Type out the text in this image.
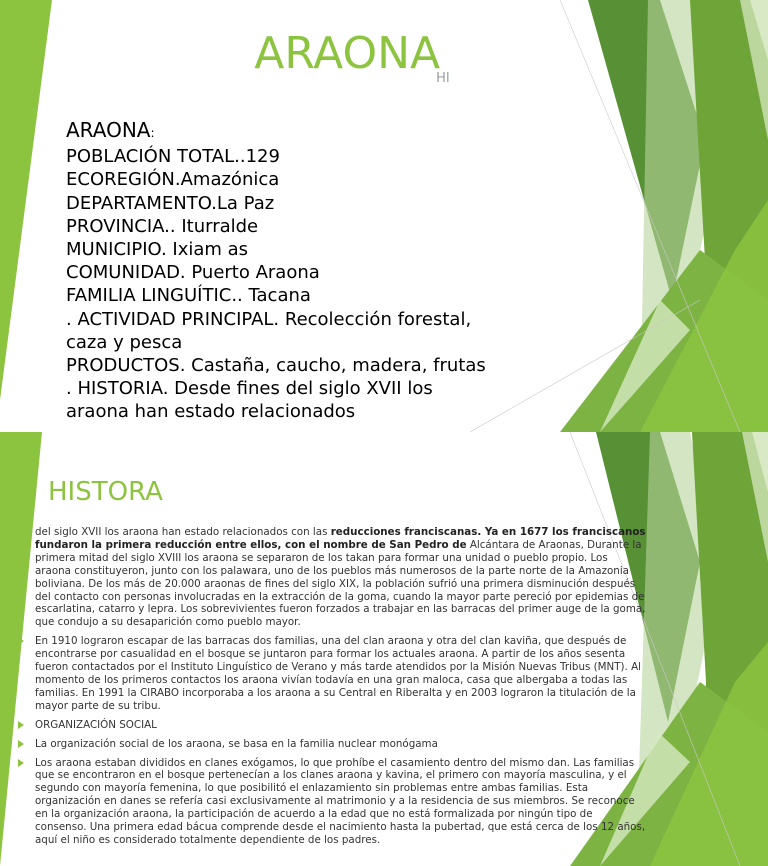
$ARAONA_{HI}$
ARAONA:
POBLACIÓN TOTAL..129
ECOREGIÓN.Amazónica
DEPARTAMENTO.La Paz
PROVINCIA.. Iturralde
MUNICIPIO. Ixiam as
COMUNIDAD. Puerto Araona
FAMILIA LINGUÍTIC.. Tacana
. ACTIVIDAD PRINCIPAL. Recolección forestal,
caza y pesca
PRODUCTOS. Castaña, caucho, madera, frutas
. HISTORIA. Desde fines del siglo XVII los
araona han estado relacionados
HISTORA
del siglo XVII los araona han estado relacionados con las reducciones franciscanas. Ya en 1677 los franciscanos fundaron la primera reducción entre ellos, con el nombre de San Pedro de Alcántara de Araonas, Durante la primera mitad del siglo XVIII los araona se separaron de los takan para formar una unidad o pueblo propio. Los araona constituyeron, junto con los palawara, uno de los pueblos más numerosos de la parte norte de la Amazonia boliviana. De los más de 20.000 araonas de fines del siglo XIX, la población sufrió una primera disminución después del contacto con personas involucradas en la extracción de la goma, cuando la mayor parte pereció por epidemias de escarlatina, catarro y lepra. Los sobrevivientes fueron forzados a trabajar en las barracas del primer auge de la goma, que condujo a su desaparición como pueblo mayor.
En 1910 lograron escapar de las barracas dos familias, una del clan araona y otra del clan kaviña, que después de encontrarse por casualidad en el bosque se juntaron para formar los actuales araona. A partir de los años sesenta fueron contactados por el Instituto Linguístico de Verano y más tarde atendidos por la Misión Nuevas Tribus (MNT). Al momento de los primeros contactos los araona vivían todavía en una gran maloca, casa que albergaba a todas las familias. En 1991 la CIRABO incorporaba a los araona a su Central en Riberalta y en 2003 lograron la titulación de la mayor parte de su tribu.
ORGANIZACIÓN SOCIAL
La organización social de los araona, se basa en la familia nuclear monógama
Los araona estaban divididos en clanes exógamos, lo que prohíbe el casamiento dentro del mismo dan. Las familias que se encontraron en el bosque pertenecían a los clanes araona y kavina, el primero con mayoría masculina, y el segundo con mayoría femenina, lo que posibilitó el enlazamiento sin problemas entre ambas familias. Esta organización en danes se refería casi exclusivamente al matrimonio y a la residencia de sus miembros. Se reconoce en la organización araona, la participación de acuerdo a la edad que no está formalizada por ningún tipo de consenso. Una primera edad bácua comprende desde el nacimiento hasta la pubertad, que está cerca de los 12 años, aquí el niño es considerado totalmente dependiente de los padres.
